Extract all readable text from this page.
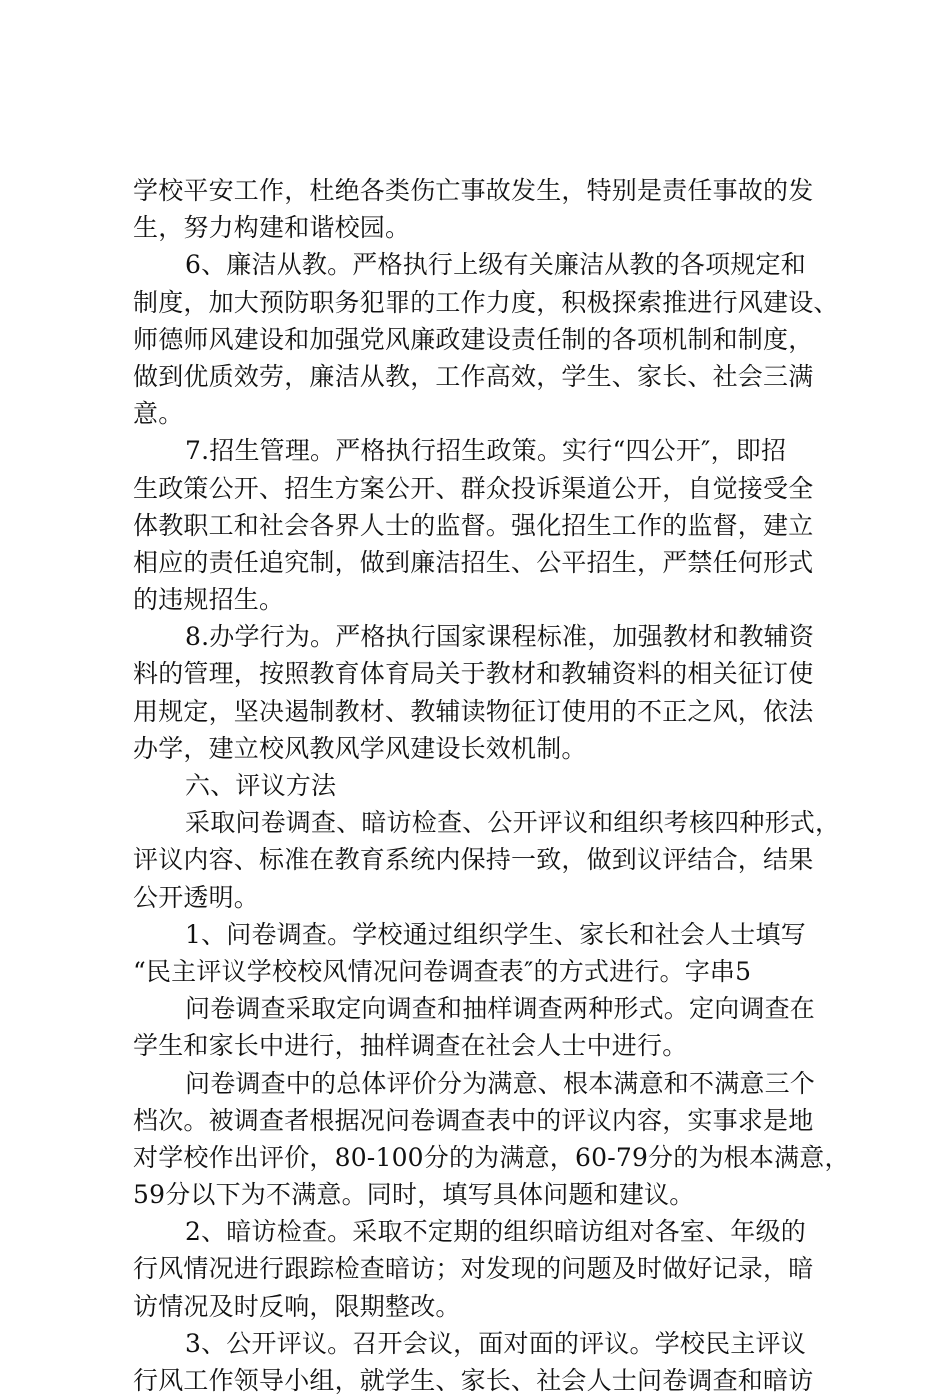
学校平安工作，杜绝各类伤亡事故发生，特别是责任事故的发
生，努力构建和谐校园。
6、廉洁从教。严格执行上级有关廉洁从教的各项规定和
制度，加大预防职务犯罪的工作力度，积极探索推进行风建设、
师德师风建设和加强党风廉政建设责任制的各项机制和制度，
做到优质效劳，廉洁从教，工作高效，学生、家长、社会三满
意。
7.招生管理。严格执行招生政策。实行“四公开″，即招
生政策公开、招生方案公开、群众投诉渠道公开，自觉接受全
体教职工和社会各界人士的监督。强化招生工作的监督，建立
相应的责任追究制，做到廉洁招生、公平招生，严禁任何形式
的违规招生。
8.办学行为。严格执行国家课程标准，加强教材和教辅资
料的管理，按照教育体育局关于教材和教辅资料的相关征订使
用规定，坚决遏制教材、教辅读物征订使用的不正之风，依法
办学，建立校风教风学风建设长效机制。
六、评议方法
采取问卷调查、暗访检查、公开评议和组织考核四种形式，
评议内容、标准在教育系统内保持一致，做到议评结合，结果
公开透明。
1、问卷调查。学校通过组织学生、家长和社会人士填写
“民主评议学校校风情况问卷调查表″的方式进行。字串5
问卷调查采取定向调查和抽样调查两种形式。定向调查在
学生和家长中进行，抽样调查在社会人士中进行。
问卷调查中的总体评价分为满意、根本满意和不满意三个
档次。被调查者根据况问卷调查表中的评议内容，实事求是地
对学校作出评价，80-100分的为满意，60-79分的为根本满意，
59分以下为不满意。同时，填写具体问题和建议。
2、暗访检查。采取不定期的组织暗访组对各室、年级的
行风情况进行跟踪检查暗访；对发现的问题及时做好记录，暗
访情况及时反响，限期整改。
3、公开评议。召开会议，面对面的评议。学校民主评议
行风工作领导小组，就学生、家长、社会人士问卷调查和暗访
